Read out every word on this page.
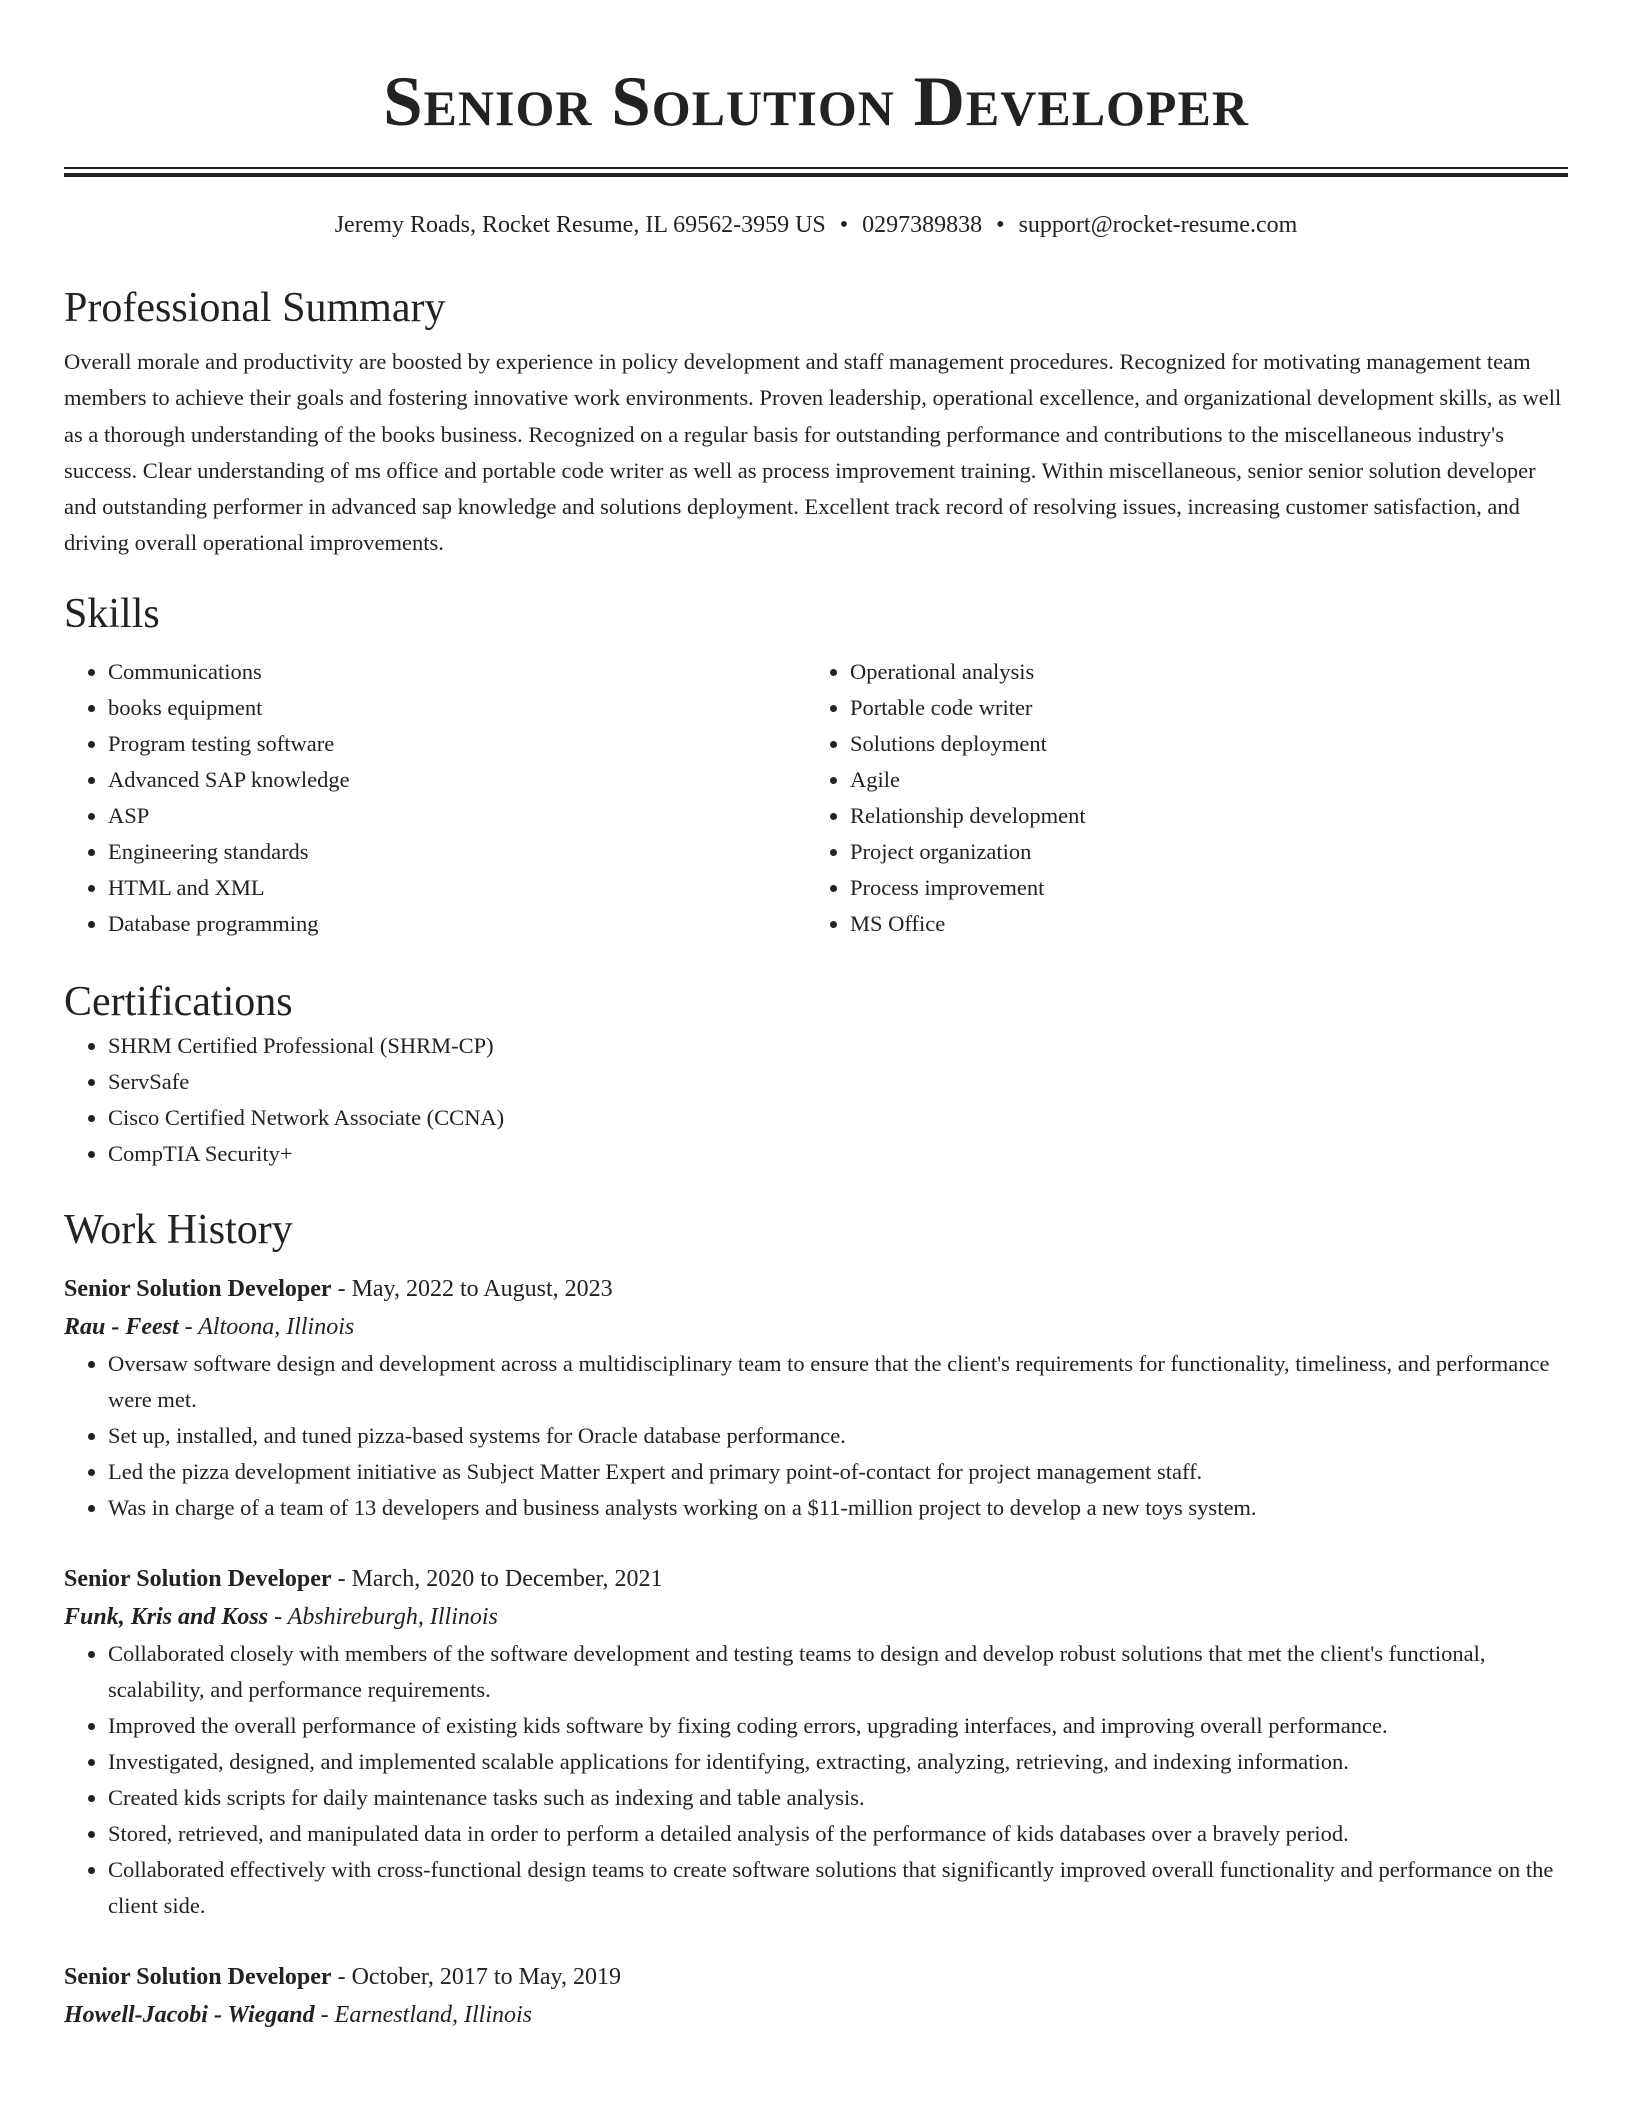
Senior Solution Developer
Jeremy Roads, Rocket Resume, IL 69562-3959 US • 0297389838 • support@rocket-resume.com
Professional Summary

Overall morale and productivity are boosted by experience in policy development and staff management procedures. Recognized for motivating management team members to achieve their goals and fostering innovative work environments. Proven leadership, operational excellence, and organizational development skills, as well as a thorough understanding of the books business. Recognized on a regular basis for outstanding performance and contributions to the miscellaneous industry's success. Clear understanding of ms office and portable code writer as well as process improvement training. Within miscellaneous, senior senior solution developer and outstanding performer in advanced sap knowledge and solutions deployment. Excellent track record of resolving issues, increasing customer satisfaction, and driving overall operational improvements.

Skills
• Communications
• books equipment
• Program testing software
• Advanced SAP knowledge
• ASP
• Engineering standards
• HTML and XML
• Database programming
• Operational analysis
• Portable code writer
• Solutions deployment
• Agile
• Relationship development
• Project organization
• Process improvement
• MS Office
Certifications
• SHRM Certified Professional (SHRM-CP)
• ServSafe
• Cisco Certified Network Associate (CCNA)
• CompTIA Security+
Work History
Senior Solution Developer - May, 2022 to August, 2023
Rau - Feest - Altoona, Illinois
• Oversaw software design and development across a multidisciplinary team to ensure that the client's requirements for functionality, timeliness, and performance were met.
• Set up, installed, and tuned pizza-based systems for Oracle database performance.
• Led the pizza development initiative as Subject Matter Expert and primary point-of-contact for project management staff.
• Was in charge of a team of 13 developers and business analysts working on a $11-million project to develop a new toys system.
Senior Solution Developer - March, 2020 to December, 2021
Funk, Kris and Koss - Abshireburgh, Illinois
• Collaborated closely with members of the software development and testing teams to design and develop robust solutions that met the client's functional, scalability, and performance requirements.
• Improved the overall performance of existing kids software by fixing coding errors, upgrading interfaces, and improving overall performance.
• Investigated, designed, and implemented scalable applications for identifying, extracting, analyzing, retrieving, and indexing information.
• Created kids scripts for daily maintenance tasks such as indexing and table analysis.
• Stored, retrieved, and manipulated data in order to perform a detailed analysis of the performance of kids databases over a bravely period.
• Collaborated effectively with cross-functional design teams to create software solutions that significantly improved overall functionality and performance on the client side.
Senior Solution Developer - October, 2017 to May, 2019
Howell-Jacobi - Wiegand - Earnestland, Illinois
